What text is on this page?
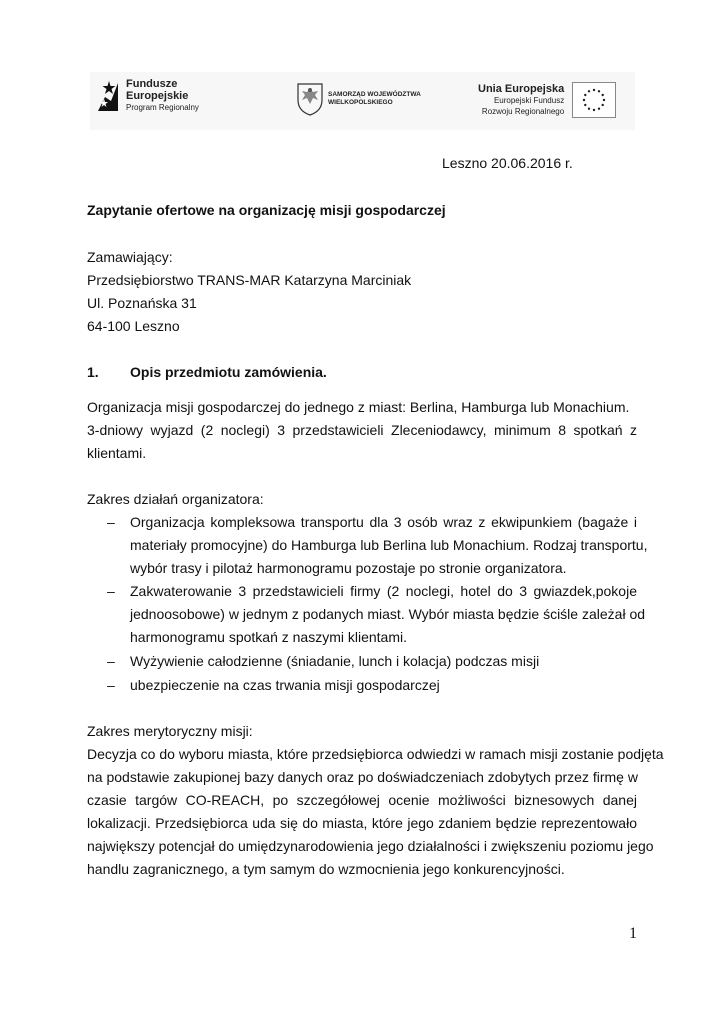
Fundusze
Europejskie
Program Regionalny
SAMORZĄD WOJEWÓDZTWA
WIELKOPOLSKIEGO
Unia Europejska
Europejski Fundusz
Rozwoju Regionalnego
Leszno 20.06.2016 r.
Zapytanie ofertowe na organizację misji gospodarczej
Zamawiający:
Przedsiębiorstwo TRANS-MAR Katarzyna Marciniak
Ul. Poznańska 31
64-100 Leszno
1. Opis przedmiotu zamówienia.
Organizacja misji gospodarczej do jednego z miast: Berlina, Hamburga lub Monachium.
3-dniowy wyjazd (2 noclegi) 3 przedstawicieli Zleceniodawcy, minimum 8 spotkań z
klientami.
Zakres działań organizatora:
– Organizacja kompleksowa transportu dla 3 osób wraz z ekwipunkiem (bagaże i
materiały promocyjne) do Hamburga lub Berlina lub Monachium. Rodzaj transportu,
wybór trasy i pilotaż harmonogramu pozostaje po stronie organizatora.
– Zakwaterowanie 3 przedstawicieli firmy (2 noclegi, hotel do 3 gwiazdek,pokoje
jednoosobowe) w jednym z podanych miast. Wybór miasta będzie ściśle zależał od
harmonogramu spotkań z naszymi klientami.
– Wyżywienie całodzienne (śniadanie, lunch i kolacja) podczas misji
– ubezpieczenie na czas trwania misji gospodarczej
Zakres merytoryczny misji:
Decyzja co do wyboru miasta, które przedsiębiorca odwiedzi w ramach misji zostanie podjęta
na podstawie zakupionej bazy danych oraz po doświadczeniach zdobytych przez firmę w
czasie targów CO-REACH, po szczegółowej ocenie możliwości biznesowych danej
lokalizacji. Przedsiębiorca uda się do miasta, które jego zdaniem będzie reprezentowało
największy potencjał do umiędzynarodowienia jego działalności i zwiększeniu poziomu jego
handlu zagranicznego, a tym samym do wzmocnienia jego konkurencyjności.
1
